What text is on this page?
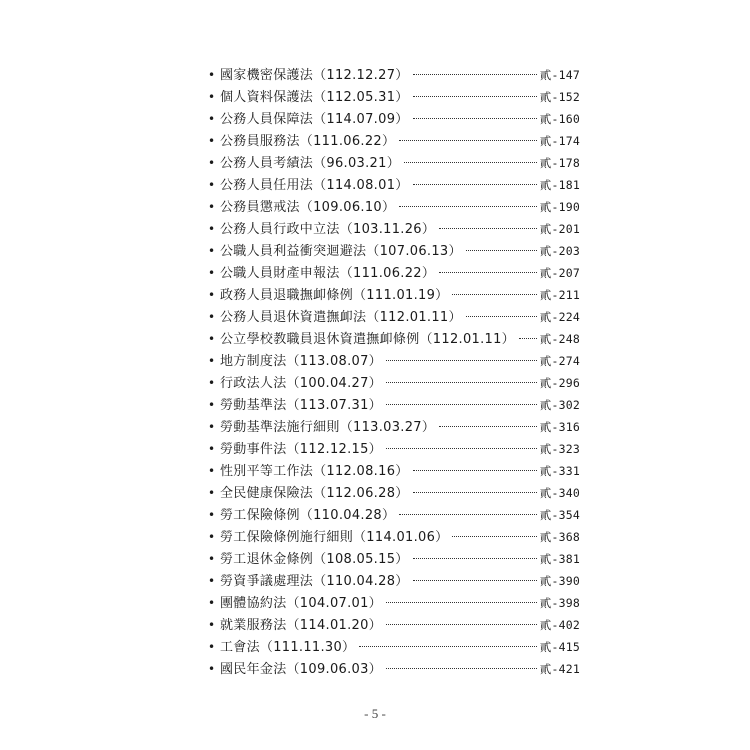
• 國家機密保護法（112.12.27）	貳-147
• 個人資料保護法（112.05.31）	貳-152
• 公務人員保障法（114.07.09）	貳-160
• 公務員服務法（111.06.22）	貳-174
• 公務人員考績法（96.03.21）	貳-178
• 公務人員任用法（114.08.01）	貳-181
• 公務員懲戒法（109.06.10）	貳-190
• 公務人員行政中立法（103.11.26）	貳-201
• 公職人員利益衝突迴避法（107.06.13）	貳-203
• 公職人員財產申報法（111.06.22）	貳-207
• 政務人員退職撫卹條例（111.01.19）	貳-211
• 公務人員退休資遣撫卹法（112.01.11）	貳-224
• 公立學校教職員退休資遣撫卹條例（112.01.11） 貳-248
• 地方制度法（113.08.07）	貳-274
• 行政法人法（100.04.27）	貳-296
• 勞動基準法（113.07.31）	貳-302
• 勞動基準法施行細則（113.03.27）	貳-316
• 勞動事件法（112.12.15）	貳-323
• 性別平等工作法（112.08.16）	貳-331
• 全民健康保險法（112.06.28）	貳-340
• 勞工保險條例（110.04.28）	貳-354
• 勞工保險條例施行細則（114.01.06）	貳-368
• 勞工退休金條例（108.05.15）	貳-381
• 勞資爭議處理法（110.04.28）	貳-390
• 團體協約法（104.07.01）	貳-398
• 就業服務法（114.01.20）	貳-402
• 工會法（111.11.30）	貳-415
• 國民年金法（109.06.03）	貳-421
- 5 -
